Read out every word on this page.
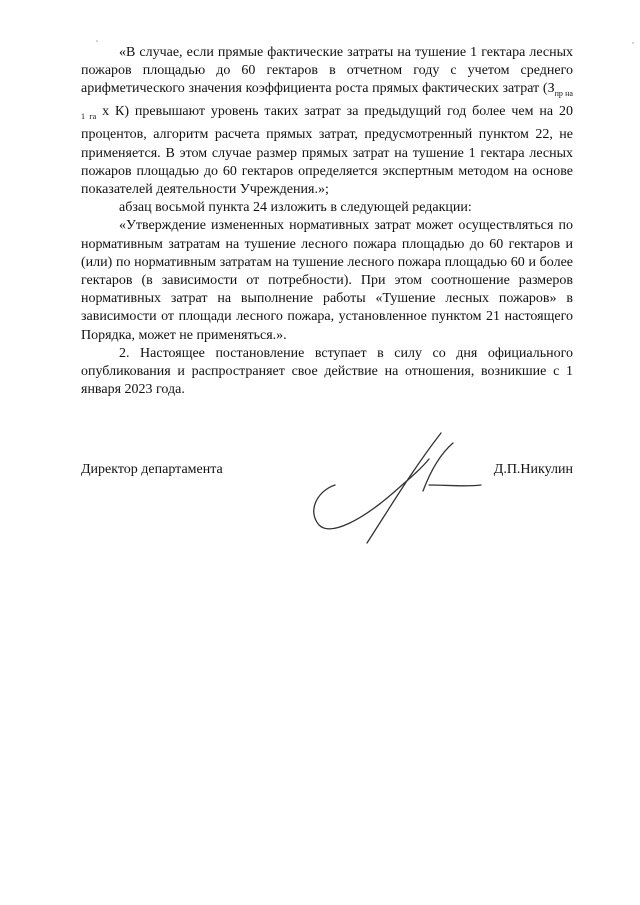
«В случае, если прямые фактические затраты на тушение 1 гектара лесных пожаров площадью до 60 гектаров в отчетном году с учетом среднего арифметического значения коэффициента роста прямых фактических затрат ($З_{пр на 1 га}$ x К) превышают уровень таких затрат за предыдущий год более чем на 20 процентов, алгоритм расчета прямых затрат, предусмотренный пунктом 22, не применяется. В этом случае размер прямых затрат на тушение 1 гектара лесных пожаров площадью до 60 гектаров определяется экспертным методом на основе показателей деятельности Учреждения.»;

абзац восьмой пункта 24 изложить в следующей редакции:

«Утверждение измененных нормативных затрат может осуществляться по нормативным затратам на тушение лесного пожара площадью до 60 гектаров и (или) по нормативным затратам на тушение лесного пожара площадью 60 и более гектаров (в зависимости от потребности). При этом соотношение размеров нормативных затрат на выполнение работы «Тушение лесных пожаров» в зависимости от площади лесного пожара, установленное пунктом 21 настоящего Порядка, может не применяться.».

2. Настоящее постановление вступает в силу со дня официального опубликования и распространяет свое действие на отношения, возникшие с 1 января 2023 года.

Директор департамента	Д.П.Никулин
